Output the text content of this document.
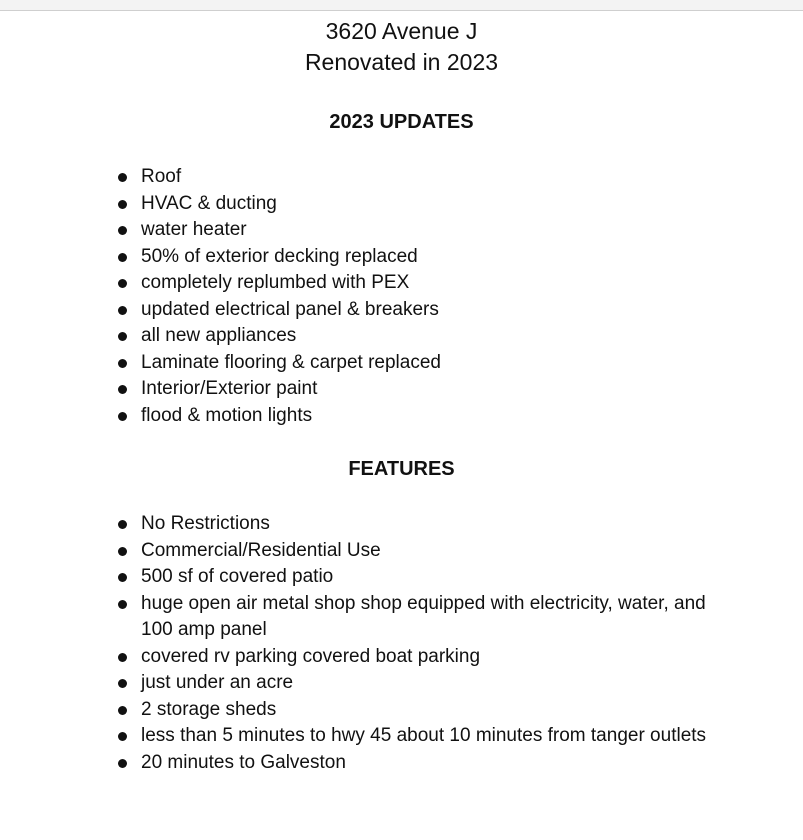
3620 Avenue J
Renovated in 2023
2023 UPDATES
Roof
HVAC & ducting
water heater
50% of exterior decking replaced
completely replumbed with PEX
updated electrical panel & breakers
all new appliances
Laminate flooring & carpet replaced
Interior/Exterior paint
flood & motion lights
FEATURES
No Restrictions
Commercial/Residential Use
500 sf of covered patio
huge open air metal shop shop equipped with electricity, water, and 100 amp panel
covered rv parking covered boat parking
just under an acre
2 storage sheds
less than 5 minutes to hwy 45 about 10 minutes from tanger outlets
20 minutes to Galveston
